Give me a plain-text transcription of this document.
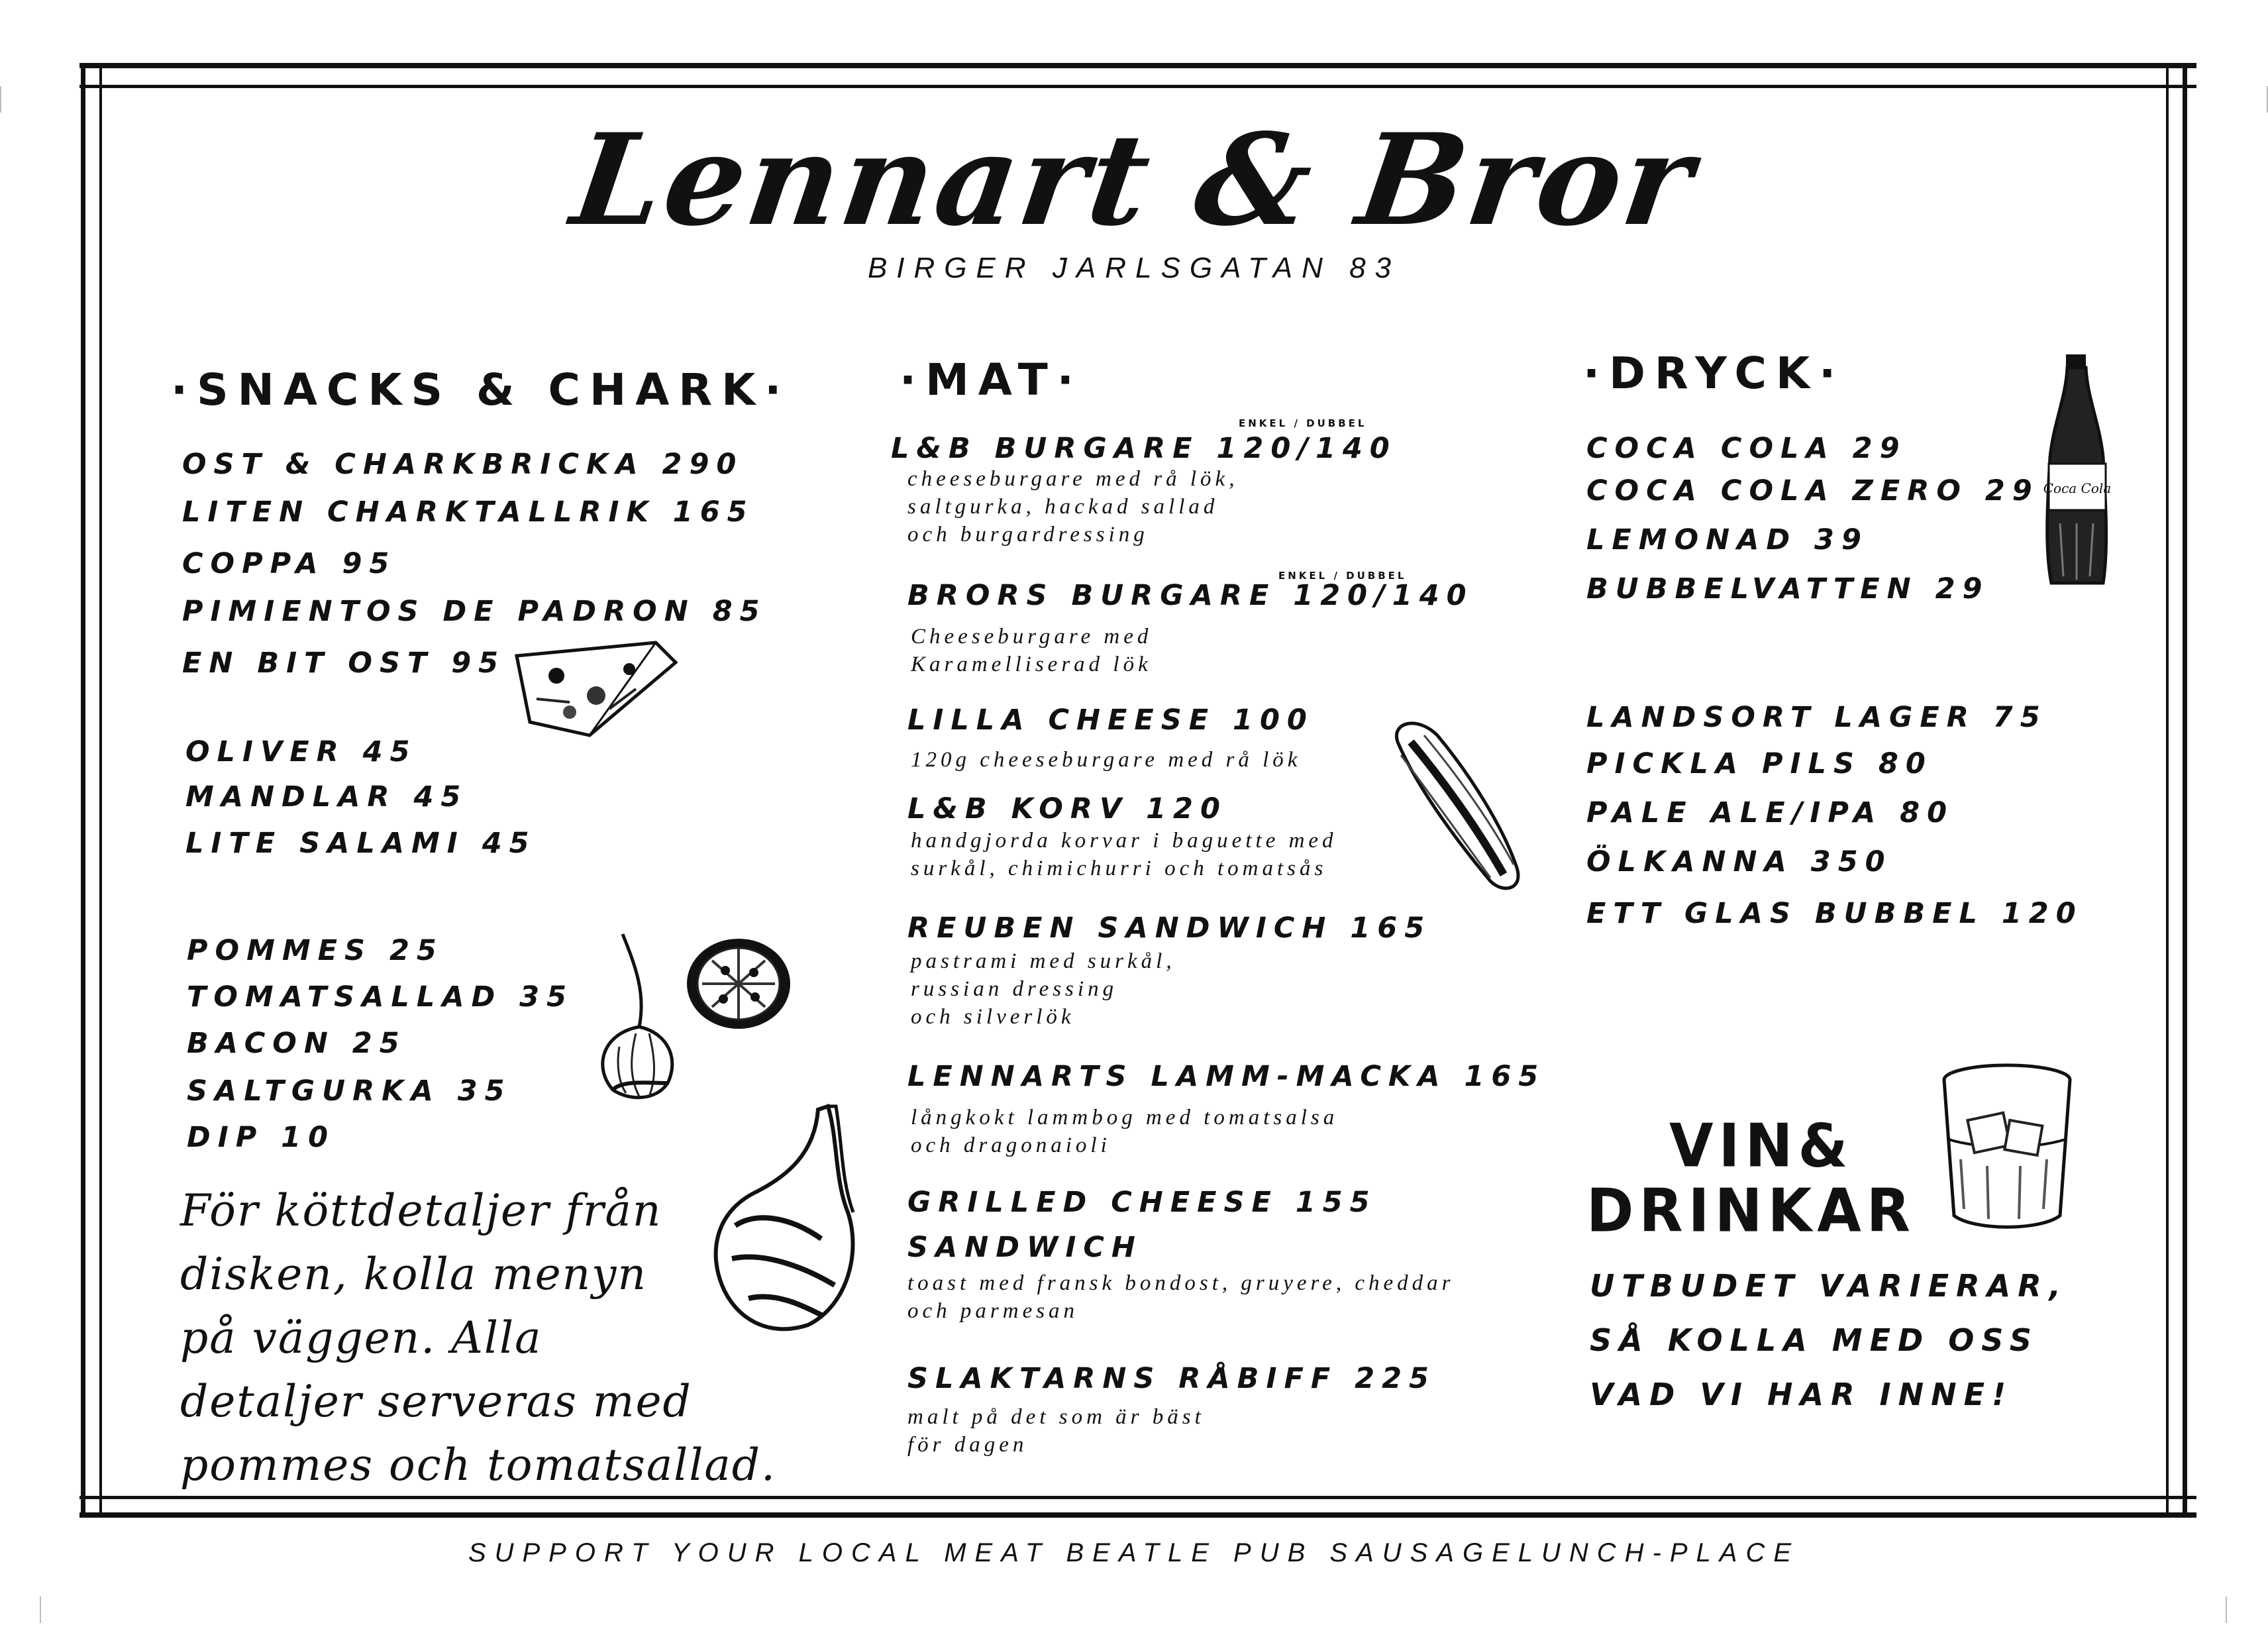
Lennart & Bror
BIRGER JARLSGATAN 83
·SNACKS & CHARK·
OST & CHARKBRICKA 290
LITEN CHARKTALLRIK 165
COPPA 95
PIMIENTOS DE PADRON 85
EN BIT OST 95
OLIVER 45
MANDLAR 45
LITE SALAMI 45
POMMES 25
TOMATSALLAD 35
BACON 25
SALTGURKA 35
DIP 10
För köttdetaljer från
disken, kolla menyn
på väggen. Alla
detaljer serveras med
pommes och tomatsallad.
·MAT·
ENKEL / DUBBEL
L&B BURGARE 120/140
cheeseburgare med rå lök,
saltgurka, hackad sallad
och burgardressing
ENKEL / DUBBEL
BRORS BURGARE 120/140
Cheeseburgare med
Karamelliserad lök
LILLA CHEESE 100
120g cheeseburgare med rå lök
L&B KORV 120
handgjorda korvar i baguette med
surkål, chimichurri och tomatsås
REUBEN SANDWICH 165
pastrami med surkål,
russian dressing
och silverlök
LENNARTS LAMM-MACKA 165
långkokt lammbog med tomatsalsa
och dragonaioli
GRILLED CHEESE 155
SANDWICH
toast med fransk bondost, gruyere, cheddar
och parmesan
SLAKTARNS RÅBIFF 225
malt på det som är bäst
för dagen
·DRYCK·
COCA COLA 29
COCA COLA ZERO 29
LEMONAD 39
BUBBELVATTEN 29
LANDSORT LAGER 75
PICKLA PILS 80
PALE ALE/IPA 80
ÖLKANNA 350
ETT GLAS BUBBEL 120
VIN&
DRINKAR
UTBUDET VARIERAR,
SÅ KOLLA MED OSS
VAD VI HAR INNE!
SUPPORT YOUR LOCAL MEAT BEATLE PUB SAUSAGELUNCH-PLACE
Coca Cola
